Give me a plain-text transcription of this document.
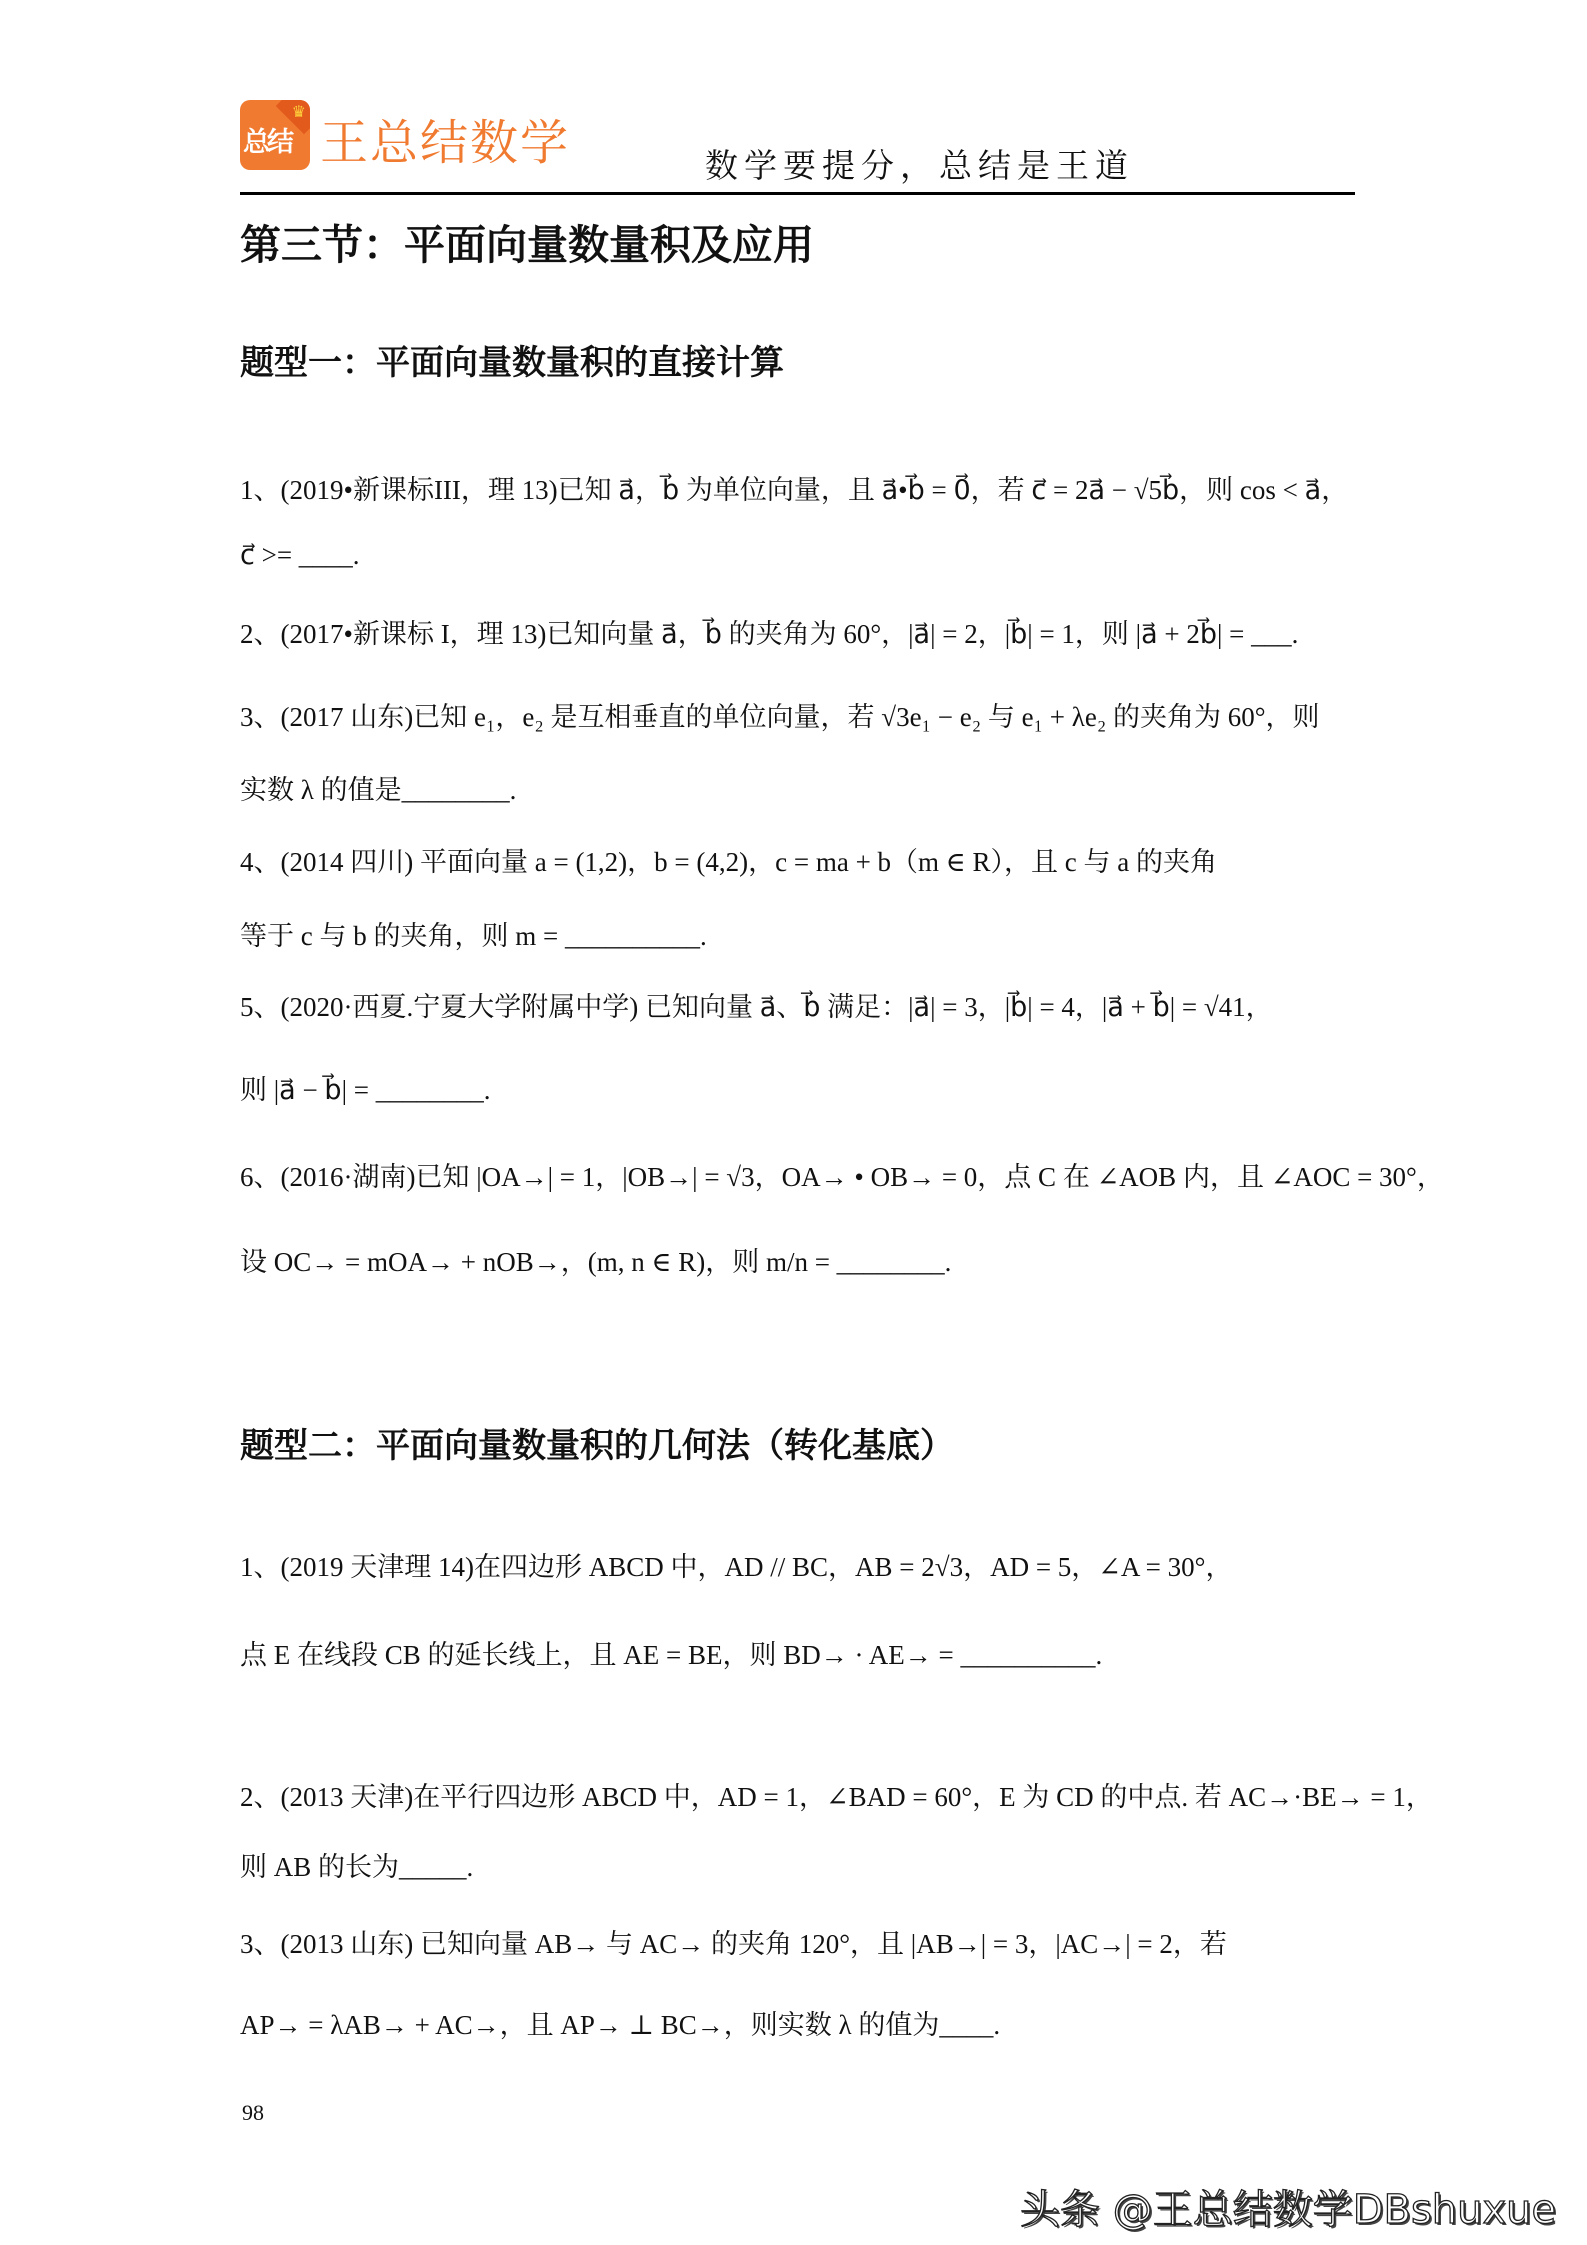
♛
总结 王总结数学	数学要提分，总结是王道
第三节：平面向量数量积及应用
题型一：平面向量数量积的直接计算
1、(2019•新课标III，理 13)已知 a⃗，b⃗ 为单位向量，且 a⃗•b⃗ = 0⃗，若 c⃗ = 2a⃗ − √5b⃗，则 cos < a⃗，
c⃗ >= ____.
2、(2017•新课标 I，理 13)已知向量 a⃗，b⃗ 的夹角为 60°，|a⃗| = 2，|b⃗| = 1，则 |a⃗ + 2b⃗| = ___.
3、(2017 山东)已知 e₁，e₂ 是互相垂直的单位向量，若 √3e₁ − e₂ 与 e₁ + λe₂ 的夹角为 60°，则
实数 λ 的值是________.
4、(2014 四川) 平面向量 a = (1,2)，b = (4,2)，c = ma + b（m ∈ R），且 c 与 a 的夹角
等于 c 与 b 的夹角，则 m = __________.
5、(2020·西夏.宁夏大学附属中学) 已知向量 a⃗、b⃗ 满足：|a⃗| = 3，|b⃗| = 4，|a⃗ + b⃗| = √41，
则 |a⃗ − b⃗| = ________.
6、(2016·湖南)已知 |OA→| = 1，|OB→| = √3，OA→ • OB→ = 0，点 C 在 ∠AOB 内，且 ∠AOC = 30°，
设 OC→ = mOA→ + nOB→，(m, n ∈ R)，则 m/n = ________.
题型二：平面向量数量积的几何法（转化基底）
1、(2019 天津理 14)在四边形 ABCD 中，AD // BC，AB = 2√3，AD = 5，∠A = 30°，
点 E 在线段 CB 的延长线上，且 AE = BE，则 BD→ · AE→ = __________.
2、(2013 天津)在平行四边形 ABCD 中，AD = 1，∠BAD = 60°，E 为 CD 的中点. 若 AC→·BE→ = 1，
则 AB 的长为_____.
3、(2013 山东) 已知向量 AB→ 与 AC→ 的夹角 120°，且 |AB→| = 3，|AC→| = 2，若
AP→ = λAB→ + AC→，且 AP→ ⊥ BC→，则实数 λ 的值为____.
98
头条 @王总结数学DBshuxue
